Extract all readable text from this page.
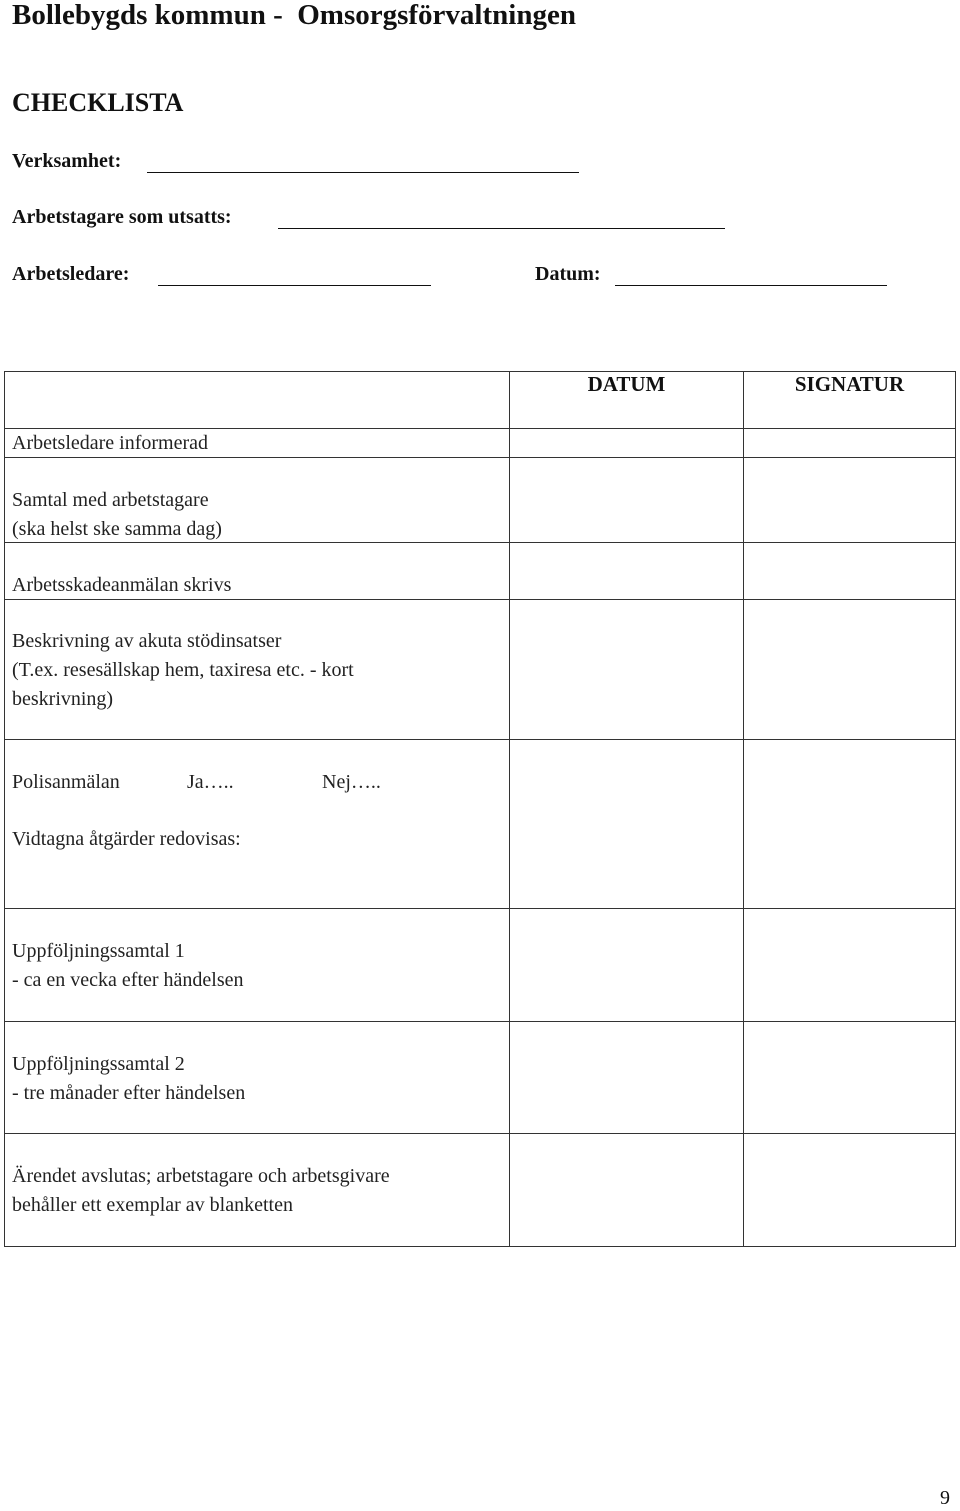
Bollebygds kommun -  Omsorgsförvaltningen
CHECKLISTA
Verksamhet:
Arbetstagare som utsatts:
Arbetsledare:	Datum:
DATUM	SIGNATUR
Arbetsledare informerad
Samtal med arbetstagare
(ska helst ske samma dag)
Arbetsskadeanmälan skrivs
Beskrivning av akuta stödinsatser
(T.ex. resesällskap hem, taxiresa etc. - kort
beskrivning)
Polisanmälan	Ja…..	Nej…..
Vidtagna åtgärder redovisas:
Uppföljningssamtal 1
- ca en vecka efter händelsen
Uppföljningssamtal 2
- tre månader efter händelsen
Ärendet avslutas; arbetstagare och arbetsgivare
behåller ett exemplar av blanketten
9
